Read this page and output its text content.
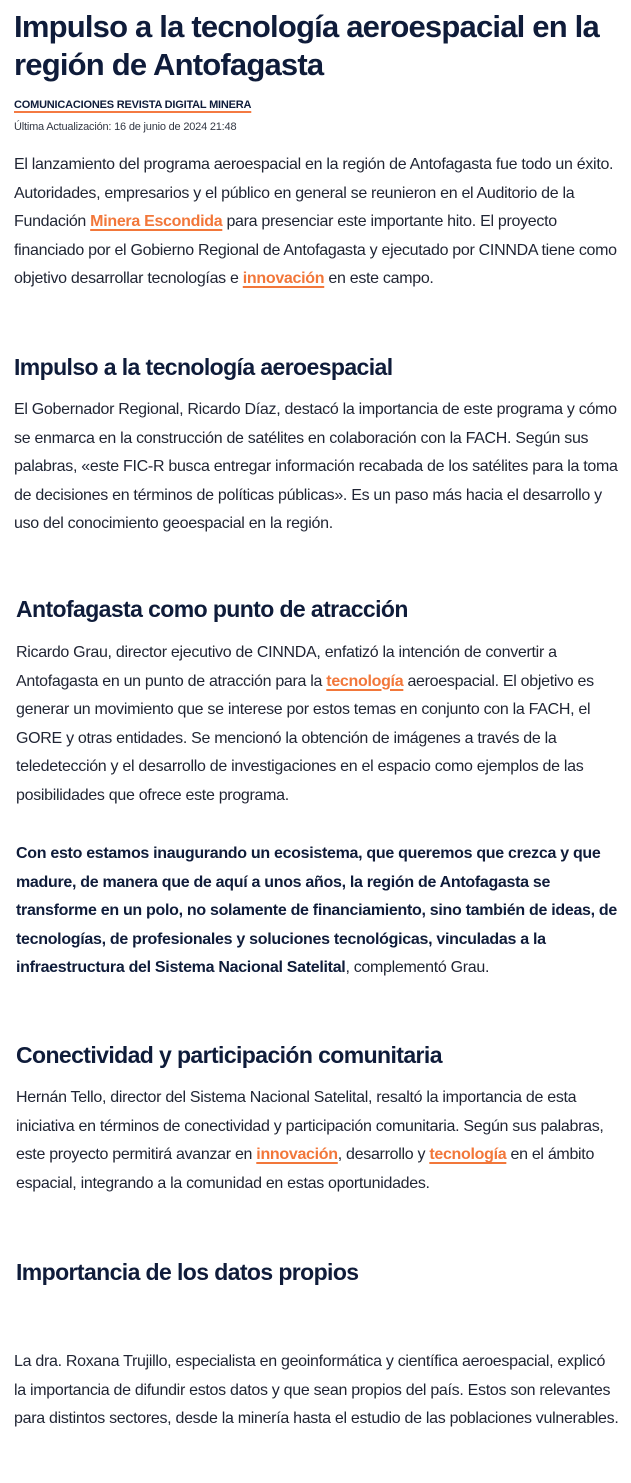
Impulso a la tecnología aeroespacial en la región de Antofagasta
COMUNICACIONES REVISTA DIGITAL MINERA
Última Actualización: 16 de junio de 2024 21:48

El lanzamiento del programa aeroespacial en la región de Antofagasta fue todo un éxito. Autoridades, empresarios y el público en general se reunieron en el Auditorio de la Fundación Minera Escondida para presenciar este importante hito. El proyecto financiado por el Gobierno Regional de Antofagasta y ejecutado por CINNDA tiene como objetivo desarrollar tecnologías e innovación en este campo.

Impulso a la tecnología aeroespacial

El Gobernador Regional, Ricardo Díaz, destacó la importancia de este programa y cómo se enmarca en la construcción de satélites en colaboración con la FACH. Según sus palabras, «este FIC-R busca entregar información recabada de los satélites para la toma de decisiones en términos de políticas públicas». Es un paso más hacia el desarrollo y uso del conocimiento geoespacial en la región.

Antofagasta como punto de atracción

Ricardo Grau, director ejecutivo de CINNDA, enfatizó la intención de convertir a Antofagasta en un punto de atracción para la tecnología aeroespacial. El objetivo es generar un movimiento que se interese por estos temas en conjunto con la FACH, el GORE y otras entidades. Se mencionó la obtención de imágenes a través de la teledetección y el desarrollo de investigaciones en el espacio como ejemplos de las posibilidades que ofrece este programa.

Con esto estamos inaugurando un ecosistema, que queremos que crezca y que madure, de manera que de aquí a unos años, la región de Antofagasta se transforme en un polo, no solamente de financiamiento, sino también de ideas, de tecnologías, de profesionales y soluciones tecnológicas, vinculadas a la infraestructura del Sistema Nacional Satelital, complementó Grau.

Conectividad y participación comunitaria

Hernán Tello, director del Sistema Nacional Satelital, resaltó la importancia de esta iniciativa en términos de conectividad y participación comunitaria. Según sus palabras, este proyecto permitirá avanzar en innovación, desarrollo y tecnología en el ámbito espacial, integrando a la comunidad en estas oportunidades.

Importancia de los datos propios

La dra. Roxana Trujillo, especialista en geoinformática y científica aeroespacial, explicó la importancia de difundir estos datos y que sean propios del país. Estos son relevantes para distintos sectores, desde la minería hasta el estudio de las poblaciones vulnerables.
